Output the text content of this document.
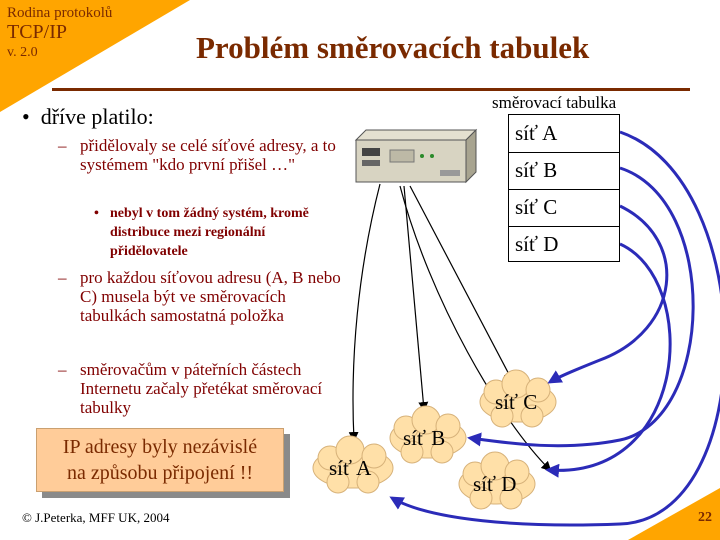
Rodina protokolů
TCP/IP
v. 2.0	Problém směrovacích tabulek
• dříve platilo:
– přidělovaly se celé síťové adresy, a to systémem "kdo první přišel …"
• nebyl v tom žádný systém, kromě distribuce mezi regionální přidělovatele
– pro každou síťovou adresu (A, B nebo C) musela být ve směrovacích tabulkách samostatná položka
– směrovačům v páteřních částech Internetu začaly přetékat směrovací tabulky
IP adresy byly nezávislé
na způsobu připojení !!	síť A
síť B
síť C
síť D
směrovací tabulka
síť A
síť B
síť C
síť D
© J.Peterka, MFF UK, 2004	22
